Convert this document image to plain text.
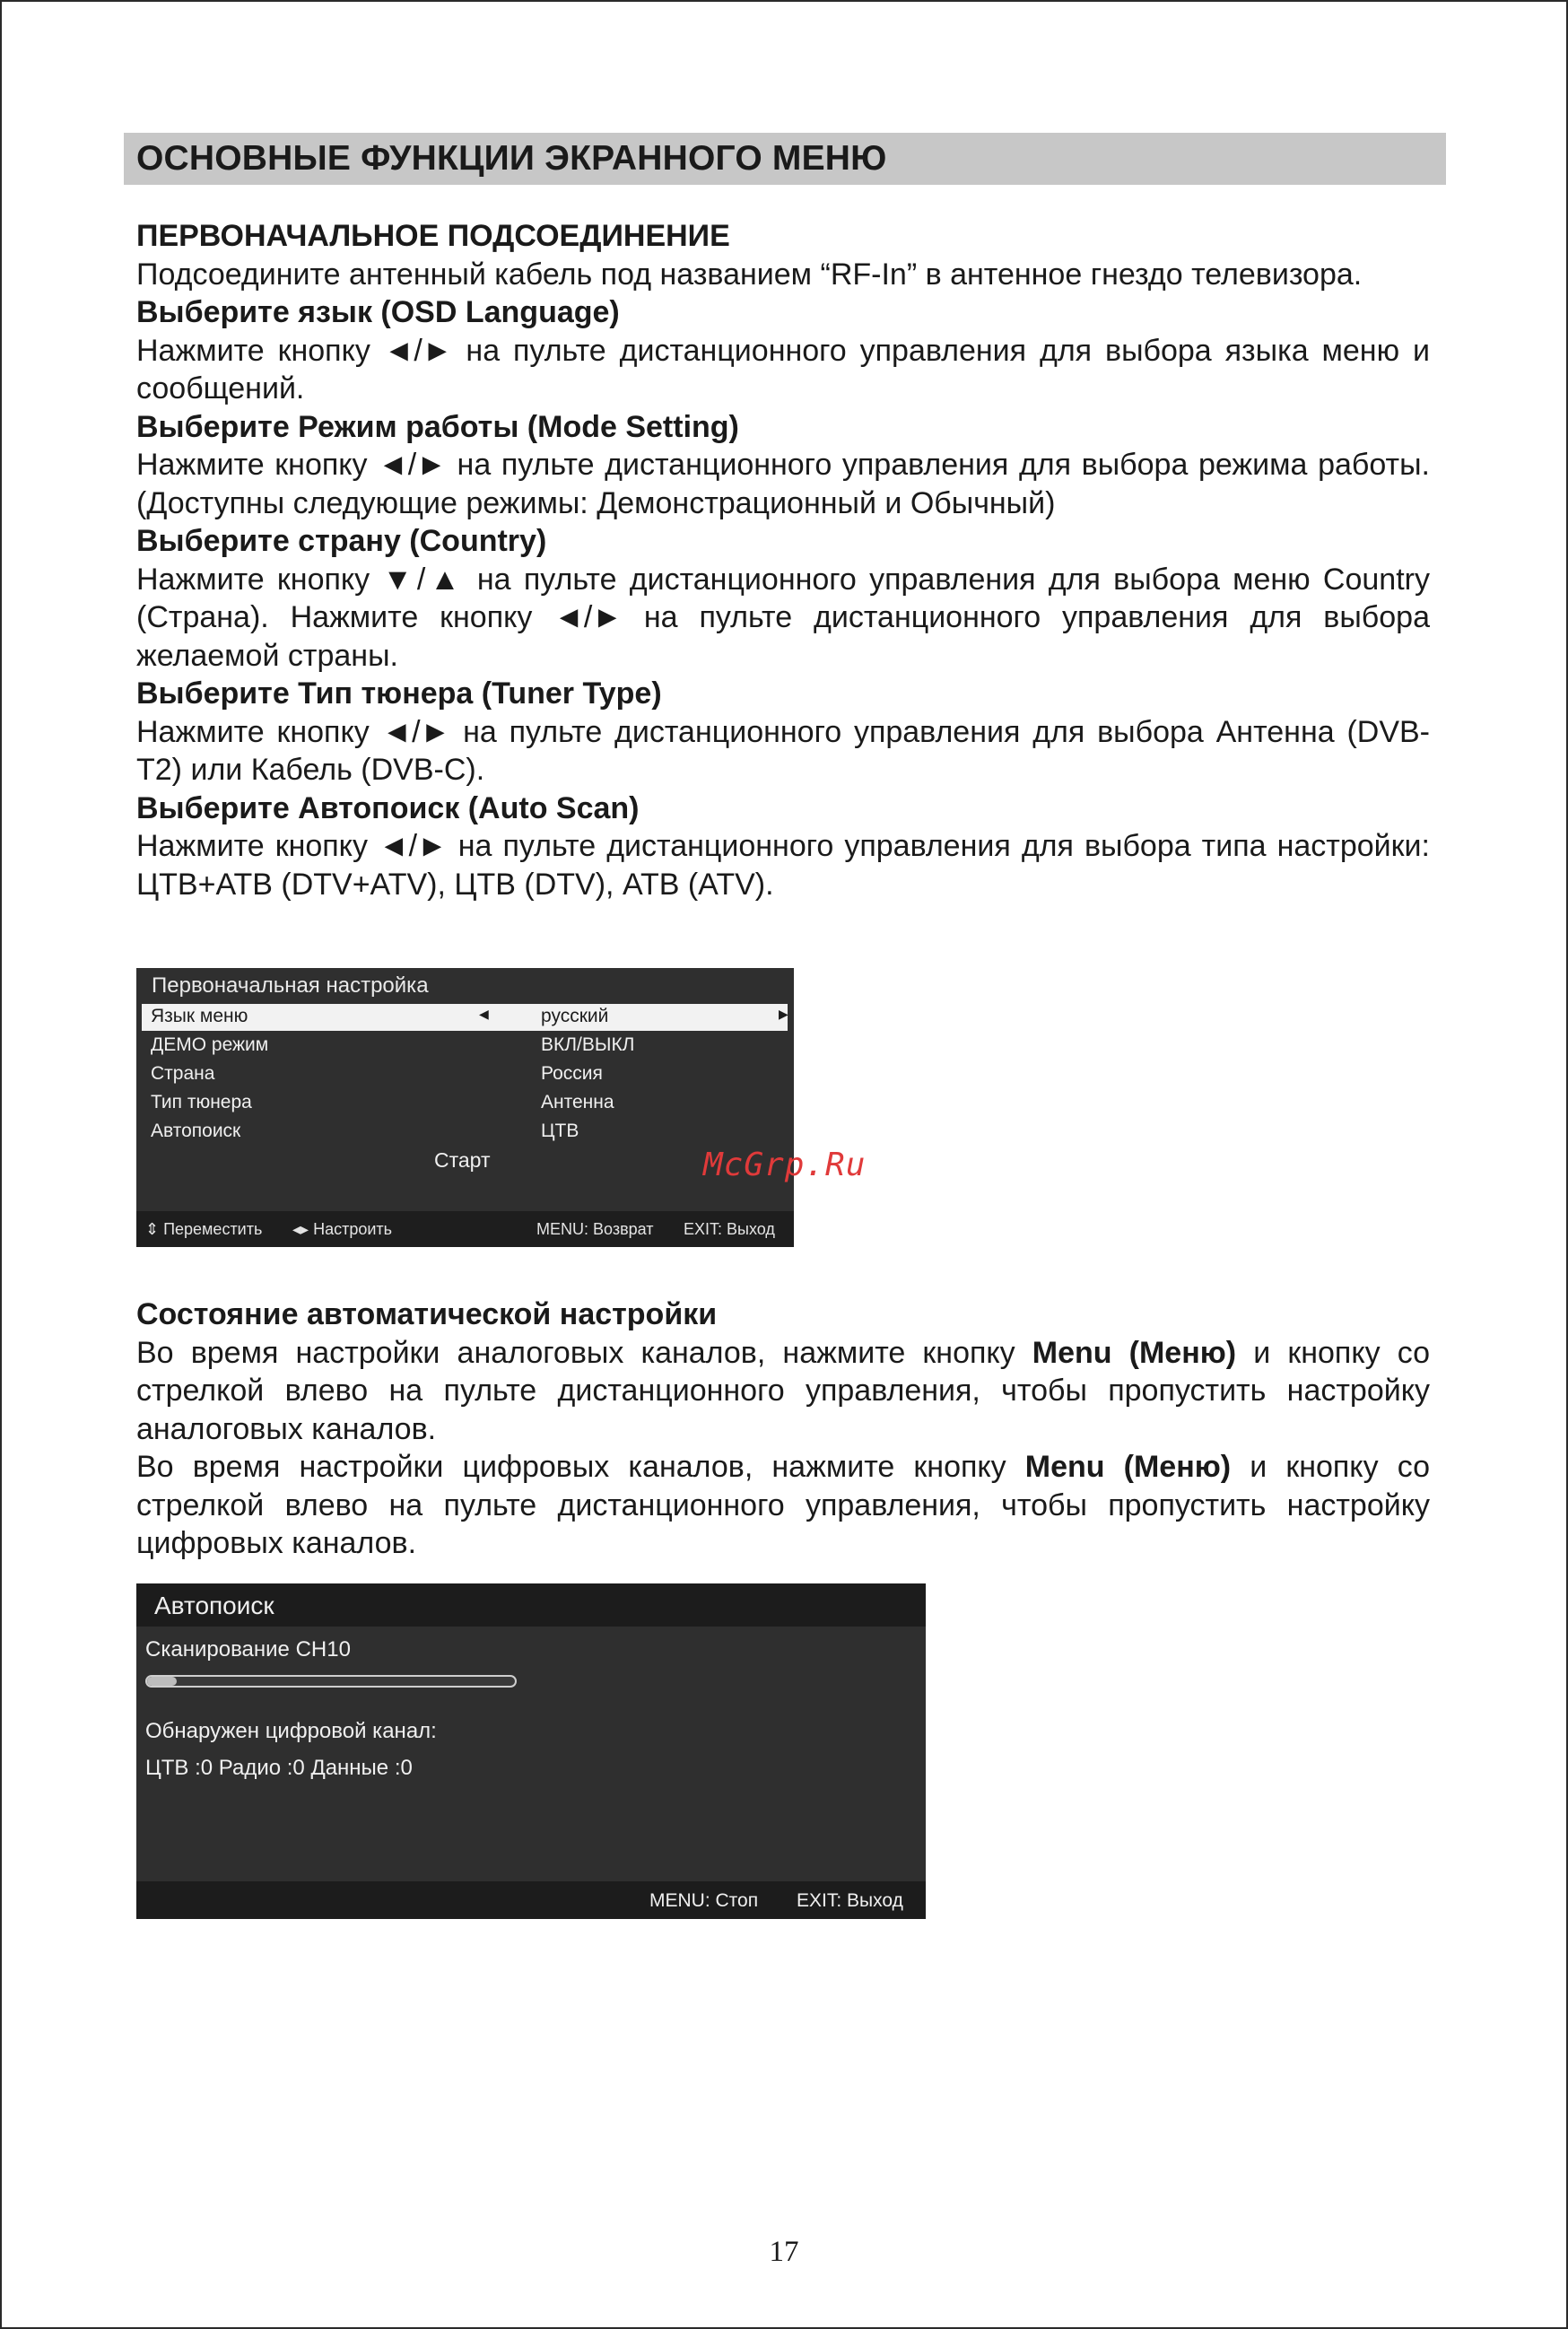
ОСНОВНЫЕ ФУНКЦИИ ЭКРАННОГО МЕНЮ

ПЕРВОНАЧАЛЬНОЕ ПОДСОЕДИНЕНИЕ

Подсоедините антенный кабель под названием “RF-In” в антенное гнездо телевизора.

Выберите язык (OSD Language)

Нажмите кнопку ◄/► на пульте дистанционного управления для выбора языка меню и сообщений.

Выберите Режим работы (Mode Setting)

Нажмите кнопку ◄/► на пульте дистанционного управления для выбора режима работы. (Доступны следующие режимы: Демонстрационный и Обычный)

Выберите страну (Country)

Нажмите кнопку ▼/▲ на пульте дистанционного управления для выбора меню Country (Страна). Нажмите кнопку ◄/► на пульте дистанционного управления для выбора желаемой страны.

Выберите Тип тюнера (Tuner Type)

Нажмите кнопку ◄/► на пульте дистанционного управления для выбора Антенна (DVB-T2) или Кабель (DVB-C).

Выберите Автопоиск (Auto Scan)

Нажмите кнопку ◄/► на пульте дистанционного управления для выбора типа настройки: ЦТВ+АТВ (DTV+ATV), ЦТВ (DTV), АТВ (ATV).

Первоначальная настройка
Язык меню	◀	русский	▶
ДЕМО режим	ВКЛ/ВЫКЛ
Страна	Россия
Тип тюнера	Антенна
Автопоиск	ЦТВ
Старт
⇕ Переместить ◂▸ Настроить	MENU: Возврат EXIT: Выход
McGrp.Ru

Состояние автоматической настройки

Во время настройки аналоговых каналов, нажмите кнопку Menu (Меню) и кнопку со стрелкой влево на пульте дистанционного управления, чтобы пропустить настройку аналоговых каналов.

Во время настройки цифровых каналов, нажмите кнопку Menu (Меню) и кнопку со стрелкой влево на пульте дистанционного управления, чтобы пропустить настройку цифровых каналов.

Автопоиск
Сканирование CH10
Обнаружен цифровой канал:
ЦТВ :0 Радио :0 Данные :0
MENU: Стоп EXIT: Выход
17
